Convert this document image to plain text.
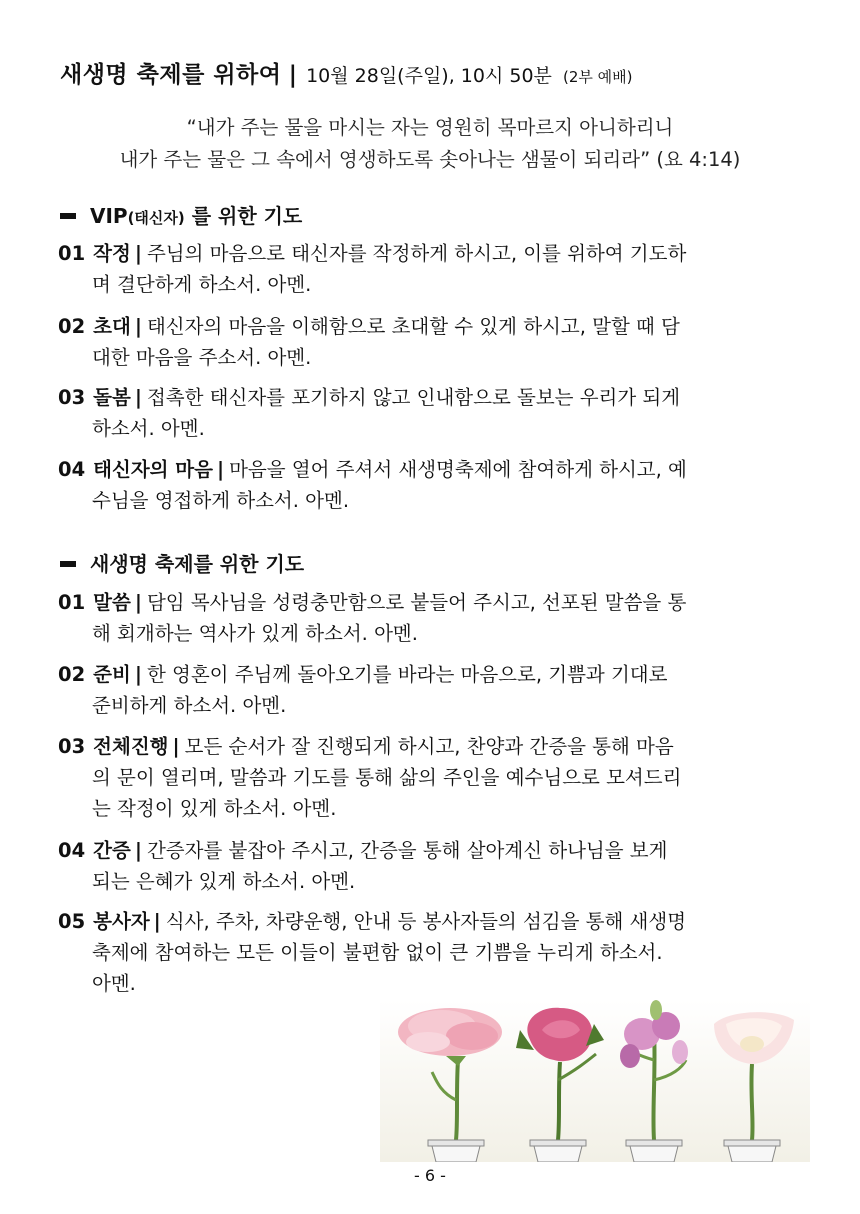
새생명 축제를 위하여 | 10월 28일(주일), 10시 50분 (2부 예배)
“내가 주는 물을 마시는 자는 영원히 목마르지 아니하리니
내가 주는 물은 그 속에서 영생하도록 솟아나는 샘물이 되리라” (요 4:14)
VIP(태신자) 를 위한 기도
01 작정 | 주님의 마음으로 태신자를 작정하게 하시고, 이를 위하여 기도하
며 결단하게 하소서. 아멘.
02 초대 | 태신자의 마음을 이해함으로 초대할 수 있게 하시고, 말할 때 담
대한 마음을 주소서. 아멘.
03 돌봄 | 접촉한 태신자를 포기하지 않고 인내함으로 돌보는 우리가 되게
하소서. 아멘.
04 태신자의 마음 | 마음을 열어 주셔서 새생명축제에 참여하게 하시고, 예
수님을 영접하게 하소서. 아멘.
새생명 축제를 위한 기도
01 말씀 | 담임 목사님을 성령충만함으로 붙들어 주시고, 선포된 말씀을 통
해 회개하는 역사가 있게 하소서. 아멘.
02 준비 | 한 영혼이 주님께 돌아오기를 바라는 마음으로, 기쁨과 기대로
준비하게 하소서. 아멘.
03 전체진행 | 모든 순서가 잘 진행되게 하시고, 찬양과 간증을 통해 마음
의 문이 열리며, 말씀과 기도를 통해 삶의 주인을 예수님으로 모셔드리
는 작정이 있게 하소서. 아멘.
04 간증 | 간증자를 붙잡아 주시고, 간증을 통해 살아계신 하나님을 보게
되는 은혜가 있게 하소서. 아멘.
05 봉사자 | 식사, 주차, 차량운행, 안내 등 봉사자들의 섬김을 통해 새생명
축제에 참여하는 모든 이들이 불편함 없이 큰 기쁨을 누리게 하소서.
아멘.
- 6 -
